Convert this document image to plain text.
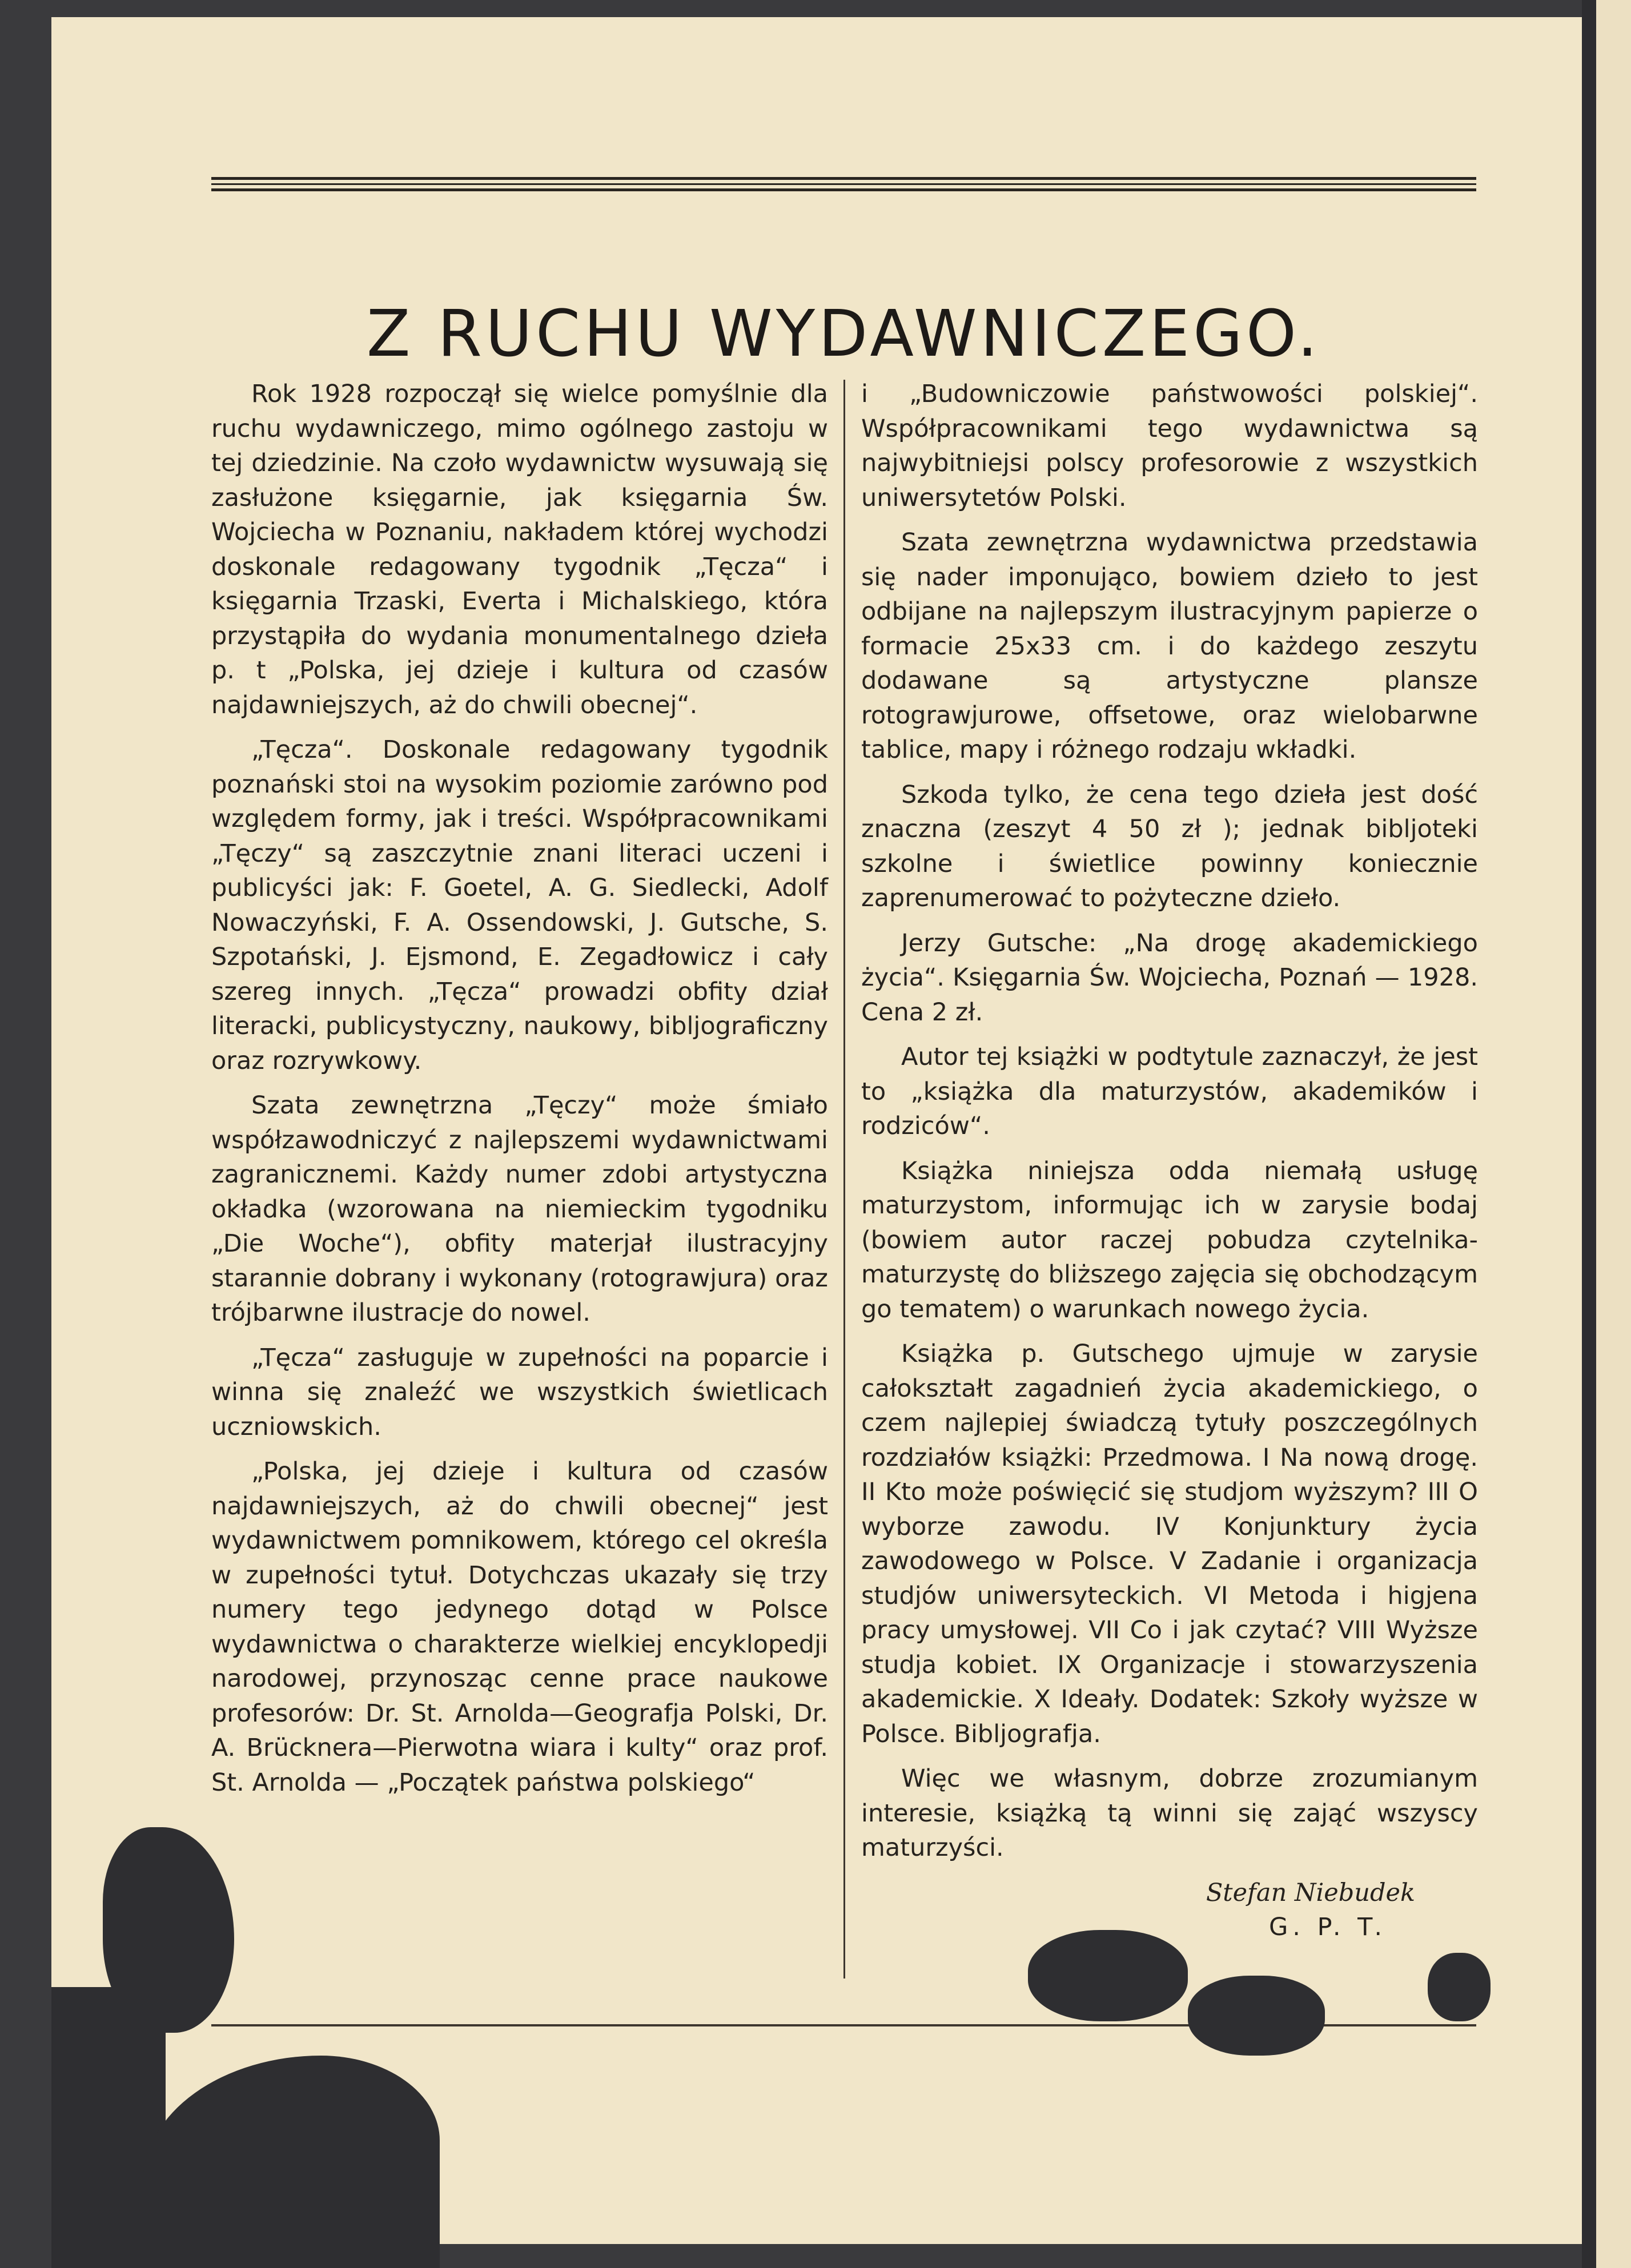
Z RUCHU WYDAWNICZEGO.

Rok 1928 rozpoczął się wielce pomyślnie dla ruchu wydawniczego, mimo ogólnego zastoju w tej dziedzinie. Na czoło wydawnictw wysuwają się zasłużone księgarnie, jak księgarnia Św. Wojciecha w Poznaniu, nakładem której wychodzi doskonale redagowany tygodnik „Tęcza“ i księgarnia Trzaski, Everta i Michalskiego, która przystąpiła do wydania monumentalnego dzieła p. t „Polska, jej dzieje i kultura od czasów najdawniejszych, aż do chwili obecnej“.

„Tęcza“. Doskonale redagowany tygodnik poznański stoi na wysokim poziomie zarówno pod względem formy, jak i treści. Współpracownikami „Tęczy“ są zaszczytnie znani literaci uczeni i publicyści jak: F. Goetel, A. G. Siedlecki, Adolf Nowaczyński, F. A. Ossendowski, J. Gutsche, S. Szpotański, J. Ejsmond, E. Zegadłowicz i cały szereg innych. „Tęcza“ prowadzi obfity dział literacki, publicystyczny, naukowy, bibljograficzny oraz rozrywkowy.

Szata zewnętrzna „Tęczy“ może śmiało współzawodniczyć z najlepszemi wydawnictwami zagranicznemi. Każdy numer zdobi artystyczna okładka (wzorowana na niemieckim tygodniku „Die Woche“), obfity materjał ilustracyjny starannie dobrany i wykonany (rotograwjura) oraz trójbarwne ilustracje do nowel.

„Tęcza“ zasługuje w zupełności na poparcie i winna się znaleźć we wszystkich świetlicach uczniowskich.

„Polska, jej dzieje i kultura od czasów najdawniejszych, aż do chwili obecnej“ jest wydawnictwem pomnikowem, którego cel określa w zupełności tytuł. Dotychczas ukazały się trzy numery tego jedynego dotąd w Polsce wydawnictwa o charakterze wielkiej encyklopedji narodowej, przynosząc cenne prace naukowe profesorów: Dr. St. Arnolda—Geografja Polski, Dr. A. Brücknera—Pierwotna wiara i kulty“ oraz prof. St. Arnolda — „Początek państwa polskiego“

i „Budowniczowie państwowości polskiej“. Współpracownikami tego wydawnictwa są najwybitniejsi polscy profesorowie z wszystkich uniwersytetów Polski.

Szata zewnętrzna wydawnictwa przedstawia się nader imponująco, bowiem dzieło to jest odbijane na najlepszym ilustracyjnym papierze o formacie 25x33 cm. i do każdego zeszytu dodawane są artystyczne plansze rotograwjurowe, offsetowe, oraz wielobarwne tablice, mapy i różnego rodzaju wkładki.

Szkoda tylko, że cena tego dzieła jest dość znaczna (zeszyt 4 50 zł ); jednak bibljoteki szkolne i świetlice powinny koniecznie zaprenumerować to pożyteczne dzieło.

Jerzy Gutsche: „Na drogę akademickiego życia“. Księgarnia Św. Wojciecha, Poznań — 1928. Cena 2 zł.

Autor tej książki w podtytule zaznaczył, że jest to „książka dla maturzystów, akademików i rodziców“.

Książka niniejsza odda niemałą usługę maturzystom, informując ich w zarysie bodaj (bowiem autor raczej pobudza czytelnika-maturzystę do bliższego zajęcia się obchodzącym go tematem) o warunkach nowego życia.

Książka p. Gutschego ujmuje w zarysie całokształt zagadnień życia akademickiego, o czem najlepiej świadczą tytuły poszczególnych rozdziałów książki: Przedmowa. I Na nową drogę. II Kto może poświęcić się studjom wyższym? III O wyborze zawodu. IV Konjunktury życia zawodowego w Polsce. V Zadanie i organizacja studjów uniwersyteckich. VI Metoda i higjena pracy umysłowej. VII Co i jak czytać? VIII Wyższe studja kobiet. IX Organizacje i stowarzyszenia akademickie. X Ideały. Dodatek: Szkoły wyższe w Polsce. Bibljografja.

Więc we własnym, dobrze zrozumianym interesie, książką tą winni się zająć wszyscy maturzyści.

Stefan Niebudek
G. P. T.
